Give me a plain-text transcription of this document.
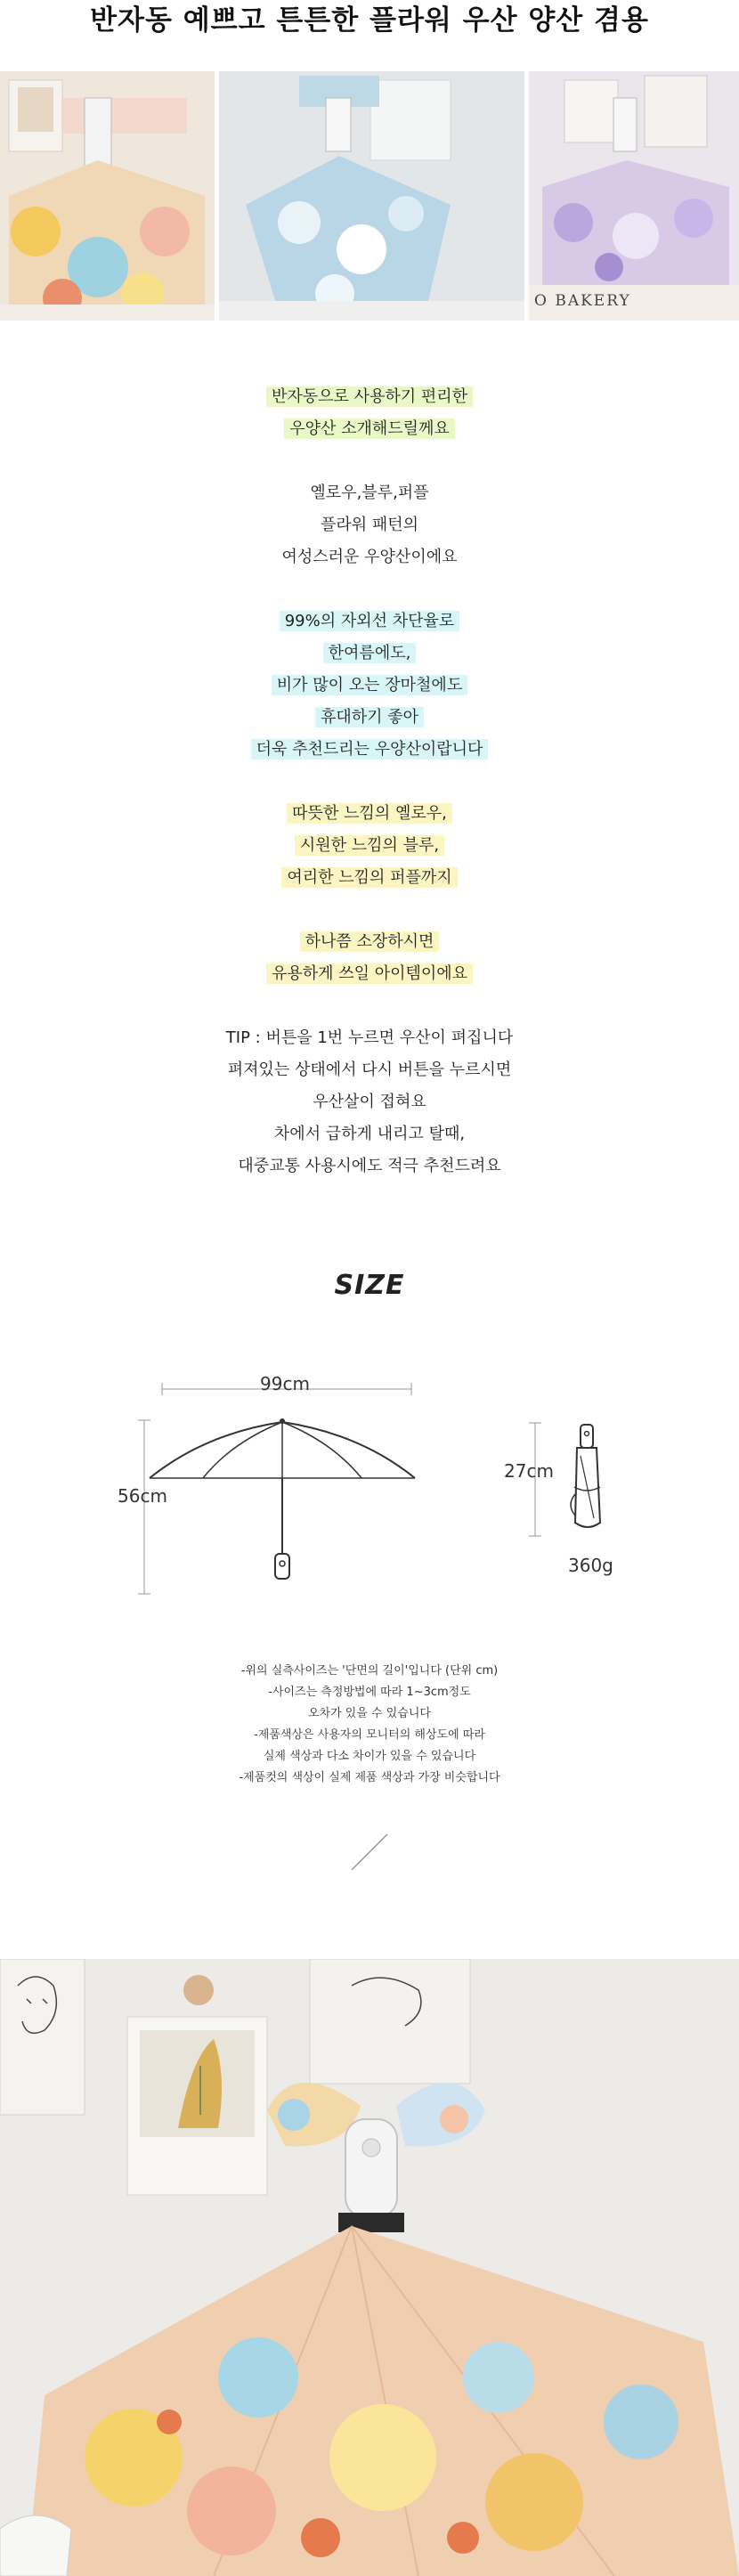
반자동 예쁘고 튼튼한 플라워 우산 양산 겸용
O BAKERY
반자동으로 사용하기 편리한
우양산 소개해드릴께요
옐로우,블루,퍼플
플라워 패턴의
여성스러운 우양산이에요
99%의 자외선 차단율로
한여름에도,
비가 많이 오는 장마철에도
휴대하기 좋아
더욱 추천드리는 우양산이랍니다
따뜻한 느낌의 옐로우,
시원한 느낌의 블루,
여리한 느낌의 퍼플까지
하나쯤 소장하시면
유용하게 쓰일 아이템이에요
TIP : 버튼을 1번 누르면 우산이 펴집니다
펴져있는 상태에서 다시 버튼을 누르시면
우산살이 접혀요
차에서 급하게 내리고 탈때,
대중교통 사용시에도 적극 추천드려요
SIZE
99cm
56cm
27cm
360g
-위의 실측사이즈는 '단면의 길이'입니다 (단위 cm)
-사이즈는 측정방법에 따라 1~3cm정도
오차가 있을 수 있습니다
-제품색상은 사용자의 모니터의 해상도에 따라
실제 색상과 다소 차이가 있을 수 있습니다
-제품컷의 색상이 실제 제품 색상과 가장 비슷합니다
